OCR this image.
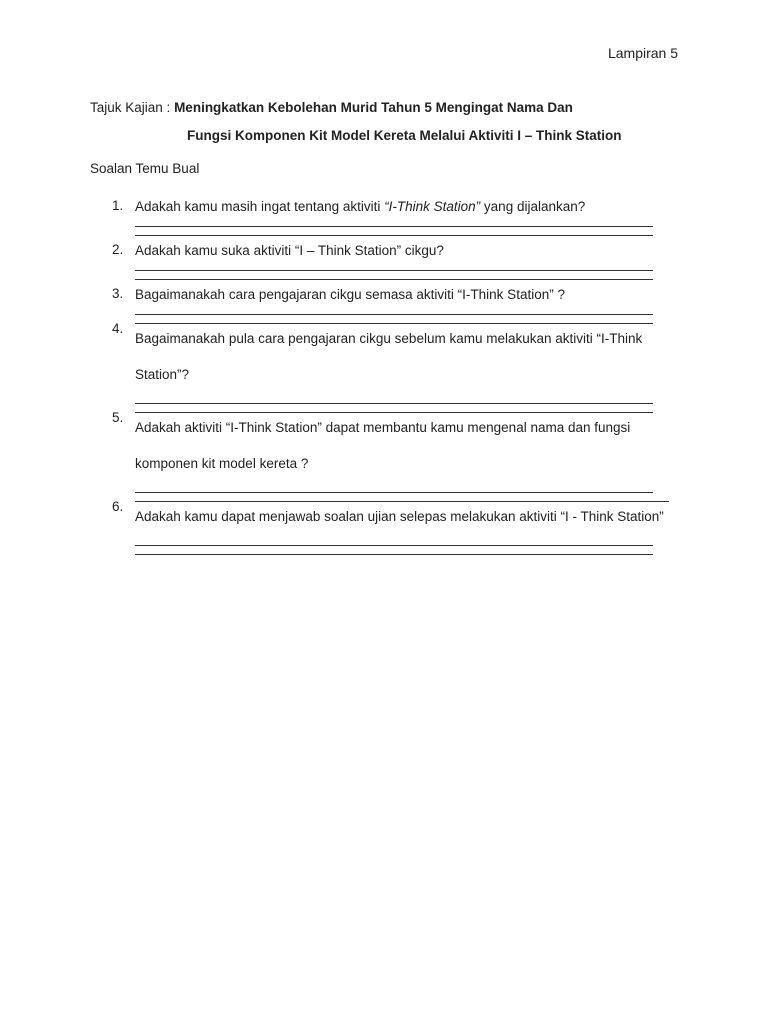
Lampiran 5
Tajuk Kajian : Meningkatkan Kebolehan Murid Tahun 5 Mengingat Nama Dan
Fungsi Komponen Kit Model Kereta Melalui Aktiviti I – Think Station
Soalan Temu Bual
1. Adakah kamu masih ingat tentang aktiviti “I-Think Station” yang dijalankan?
2. Adakah kamu suka aktiviti “I – Think Station” cikgu?
3. Bagaimanakah cara pengajaran cikgu semasa aktiviti “I-Think Station” ?
4.
Bagaimanakah pula cara pengajaran cikgu sebelum kamu melakukan aktiviti “I-Think Station”?
5.
Adakah aktiviti “I-Think Station” dapat membantu kamu mengenal nama dan fungsi komponen kit model kereta ?
6.
Adakah kamu dapat menjawab soalan ujian selepas melakukan aktiviti “I - Think Station”
